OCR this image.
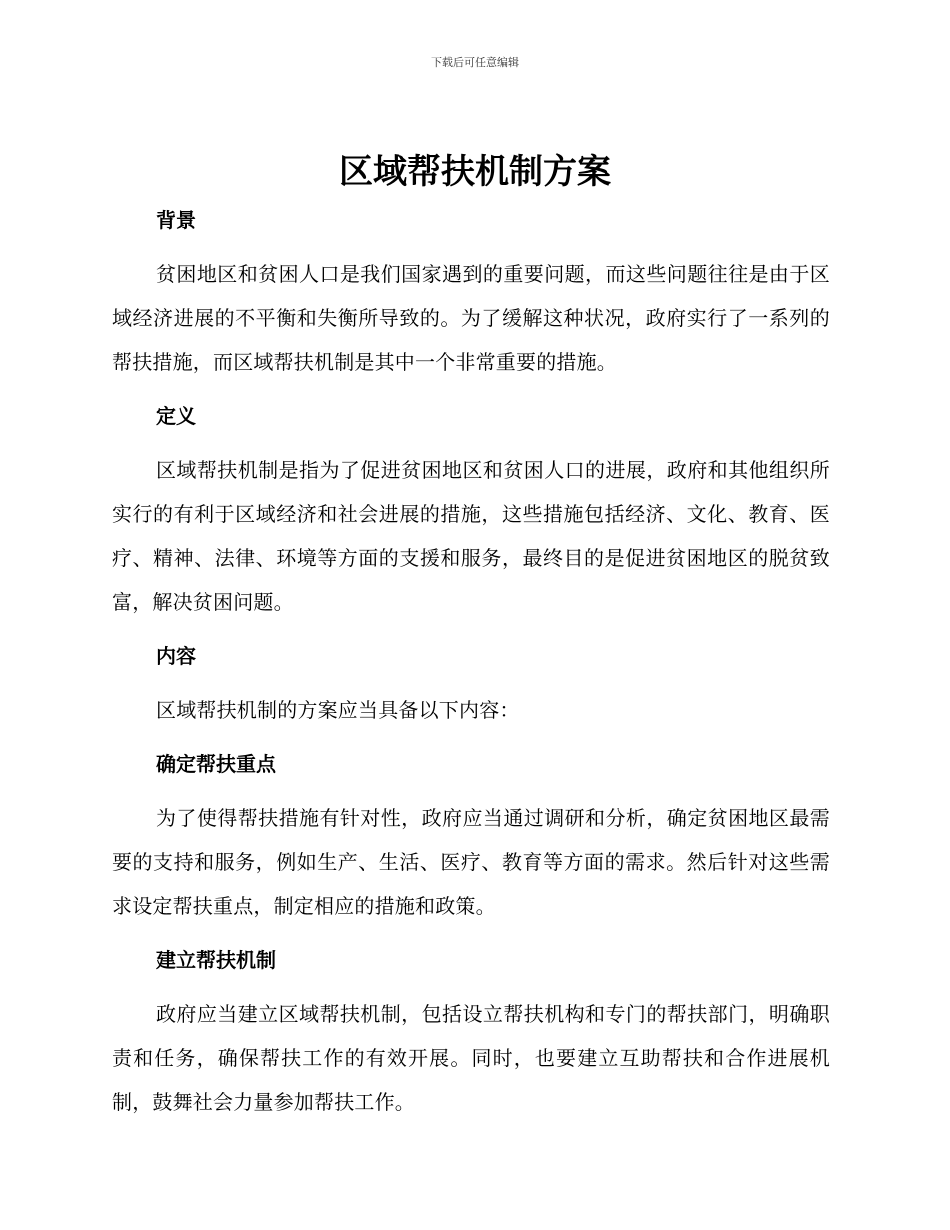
下载后可任意编辑
区域帮扶机制方案
背景

贫困地区和贫困人口是我们国家遇到的重要问题，而这些问题往往是由于区域经济进展的不平衡和失衡所导致的。为了缓解这种状况，政府实行了一系列的帮扶措施，而区域帮扶机制是其中一个非常重要的措施。

定义

区域帮扶机制是指为了促进贫困地区和贫困人口的进展，政府和其他组织所实行的有利于区域经济和社会进展的措施，这些措施包括经济、文化、教育、医疗、精神、法律、环境等方面的支援和服务，最终目的是促进贫困地区的脱贫致富，解决贫困问题。

内容

区域帮扶机制的方案应当具备以下内容：

确定帮扶重点

为了使得帮扶措施有针对性，政府应当通过调研和分析，确定贫困地区最需要的支持和服务，例如生产、生活、医疗、教育等方面的需求。然后针对这些需求设定帮扶重点，制定相应的措施和政策。

建立帮扶机制

政府应当建立区域帮扶机制，包括设立帮扶机构和专门的帮扶部门，明确职责和任务，确保帮扶工作的有效开展。同时，也要建立互助帮扶和合作进展机制，鼓舞社会力量参加帮扶工作。
